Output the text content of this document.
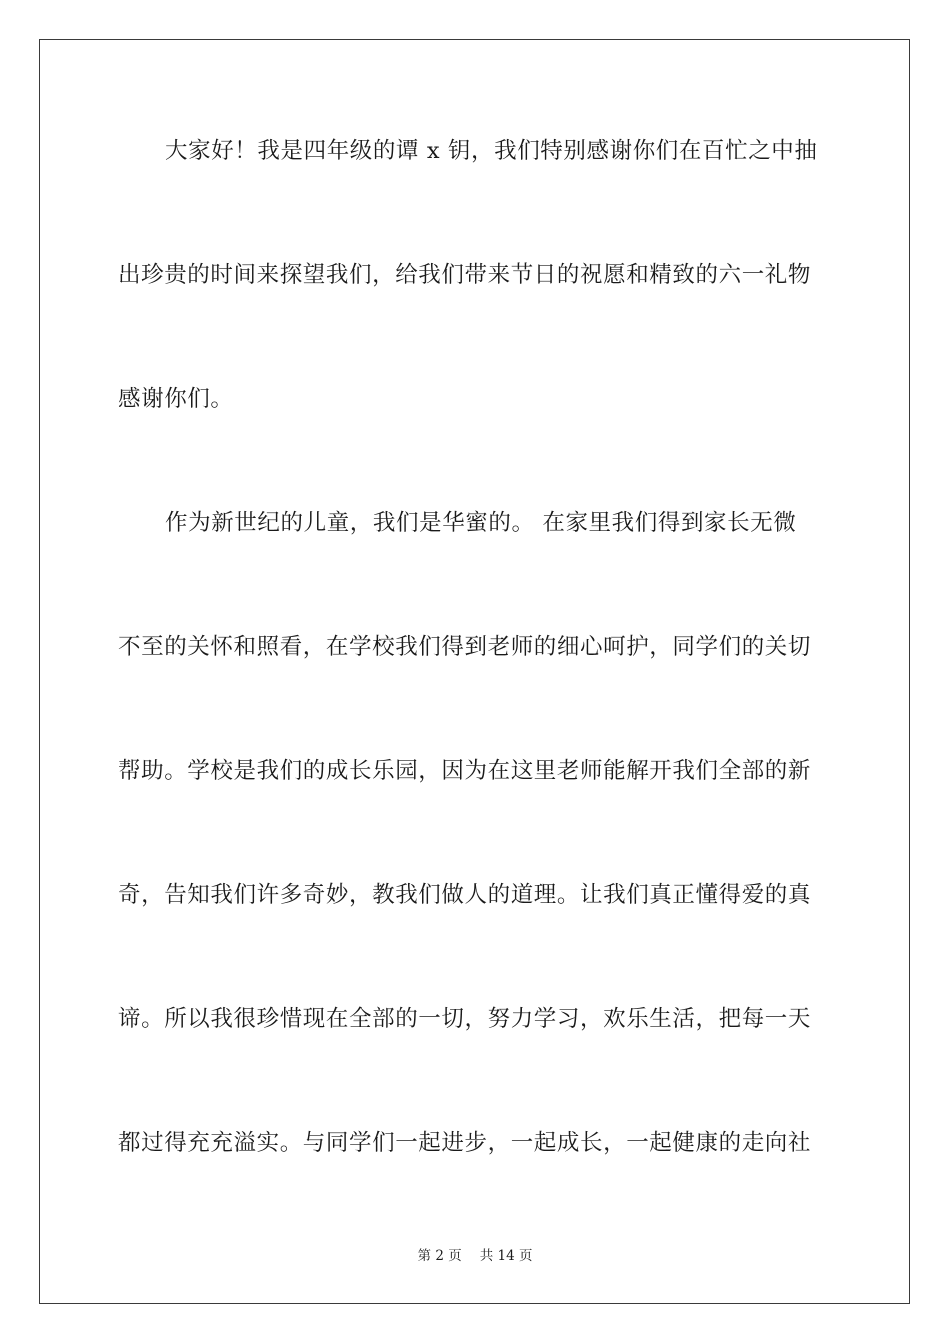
大家好！我是四年级的谭 x 钥，我们特别感谢你们在百忙之中抽
出珍贵的时间来探望我们，给我们带来节日的祝愿和精致的六一礼物
感谢你们。
作为新世纪的儿童，我们是华蜜的。 在家里我们得到家长无微
不至的关怀和照看，在学校我们得到老师的细心呵护，同学们的关切
帮助。学校是我们的成长乐园，因为在这里老师能解开我们全部的新
奇，告知我们许多奇妙，教我们做人的道理。让我们真正懂得爱的真
谛。所以我很珍惜现在全部的一切，努力学习，欢乐生活，把每一天
都过得充充溢实。与同学们一起进步，一起成长，一起健康的走向社
第 2 页 共 14 页
